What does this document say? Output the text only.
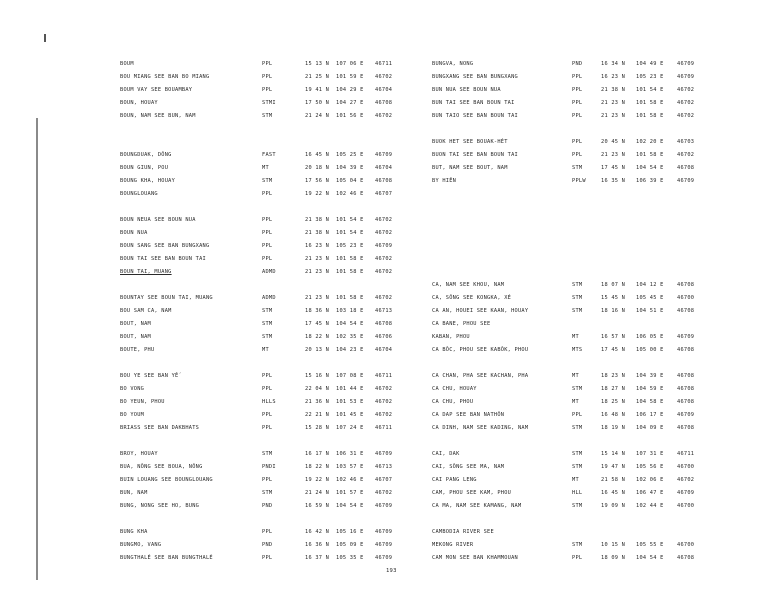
BOUM	PPL	15 13 N 107 06 E 46711
BOU MIANG SEE BAN BO MIANG	PPL	21 25 N 101 59 E 46702
BOUM VAY SEE BOUAMBAY	PPL	19 41 N 104 29 E 46704
BOUN, HOUAY	STMI	17 50 N 104 27 E 46708
BOUN, NAM SEE BUN, NAM	STM	21 24 N 101 56 E 46702
BOUNGDUAK, DÔNG	FAST	16 45 N 105 25 E 46709
BOUN GIUN, POU	MT	20 18 N 104 39 E 46704
BOUNG KHA, HOUAY	STM	17 56 N 105 04 E 46708
BOUNGLOUANG	PPL	19 22 N 102 46 E 46707
BOUN NEUA SEE BOUN NUA	PPL	21 38 N 101 54 E 46702
BOUN NUA	PPL	21 38 N 101 54 E 46702
BOUN SANG SEE BAN BUNGXANG	PPL	16 23 N 105 23 E 46709
BOUN TAI SEE BAN BOUN TAI	PPL	21 23 N 101 58 E 46702
BOUN TAI, MUANG	ADMD	21 23 N 101 58 E 46702
BOUNTAY SEE BOUN TAI, MUANG	ADMD	21 23 N 101 58 E 46702
BOU SAM CA, NAM	STM	18 36 N 103 18 E 46713
BOUT, NAM	STM	17 45 N 104 54 E 46708
BOUT, NAM	STM	18 22 N 102 35 E 46706
BOUTE, PHU	MT	20 13 N 104 23 E 46704
BOU YE SEE BAN YẾ	PPL	15 16 N 107 08 E 46711
BO VONG	PPL	22 04 N 101 44 E 46702
BO YEUN, PHOU	HLLS	21 36 N 101 53 E 46702
BO YOUM	PPL	22 21 N 101 45 E 46702
BRIASS SEE BAN DAKBHATS	PPL	15 28 N 107 24 E 46711
BROY, HOUAY	STM	16 17 N 106 31 E 46709
BUA, NÔNG SEE BOUA, NÔNG	PNDI	18 22 N 103 57 E 46713
BUIN LOUANG SEE BOUNGLOUANG	PPL	19 22 N 102 46 E 46707
BUN, NAM	STM	21 24 N 101 57 E 46702
BUNG, NONG SEE HO, BUNG	PND	16 59 N 104 54 E 46709
BUNG KHA	PPL	16 42 N 105 16 E 46709
BUNGMO, VANG	PND	16 36 N 105 09 E 46709
BUNGTHALÉ SEE BAN BUNGTHALÉ	PPL	16 37 N 105 35 E 46709
BUNGVA, NONG	PND	16 34 N 104 49 E	46709
BUNGXANG SEE BAN BUNGXANG	PPL	16 23 N 105 23 E	46709
BUN NUA SEE BOUN NUA	PPL	21 38 N 101 54 E	46702
BUN TAI SEE BAN BOUN TAI	PPL	21 23 N 101 58 E	46702
BUN TAIO SEE BAN BOUN TAI	PPL	21 23 N 101 58 E	46702
BUOK HET SEE BOUAK-HÉT	PPL	20 45 N 102 20 E	46703
BUON TAI SEE BAN BOUN TAI	PPL	21 23 N 101 58 E	46702
BUT, NAM SEE BOUT, NAM	STM	17 45 N 104 54 E	46708
BY HIÊN	PPLW	16 35 N 106 39 E	46709
CA, NAM SEE KHOU, NAM	STM	18 07 N 104 12 E	46708
CA, SÔNG SEE KONGKA, XÉ	STM	15 45 N 105 45 E	46700
CA AN, HOUEI SEE KAAN, HOUAY	STM	18 16 N 104 51 E	46708
CA BANE, PHOU SEE
KABAN, PHOU	MT	16 57 N 106 05 E	46709
CA BÔC, PHOU SEE KABÔK, PHOU	MTS	17 45 N 105 00 E	46708
CA CHAN, PHA SEE KACHAN, PHA	MT	18 23 N 104 39 E	46708
CA CHU, HOUAY	STM	18 27 N 104 59 E	46708
CA CHU, PHOU	MT	18 25 N 104 58 E	46708
CA DAP SEE BAN NATHÔN	PPL	16 48 N 106 17 E	46709
CA DINH, NAM SEE KADING, NAM	STM	18 19 N 104 09 E	46708
CAI, DAK	STM	15 14 N 107 31 E	46711
CAI, SÔNG SEE MA, NAM	STM	19 47 N 105 56 E	46700
CAI PANG LENG	MT	21 58 N 102 06 E	46702
CAM, PHOU SEE KAM, PHOU	HLL	16 45 N 106 47 E	46709
CA MA, NAM SEE KAMANG, NAM	STM	19 09 N 102 44 E	46700
CAMBODIA RIVER SEE
MEKONG RIVER	STM	10 15 N 105 55 E	46700
CAM MON SEE BAN KHAMMOUAN	PPL	18 09 N 104 54 E	46708
193
